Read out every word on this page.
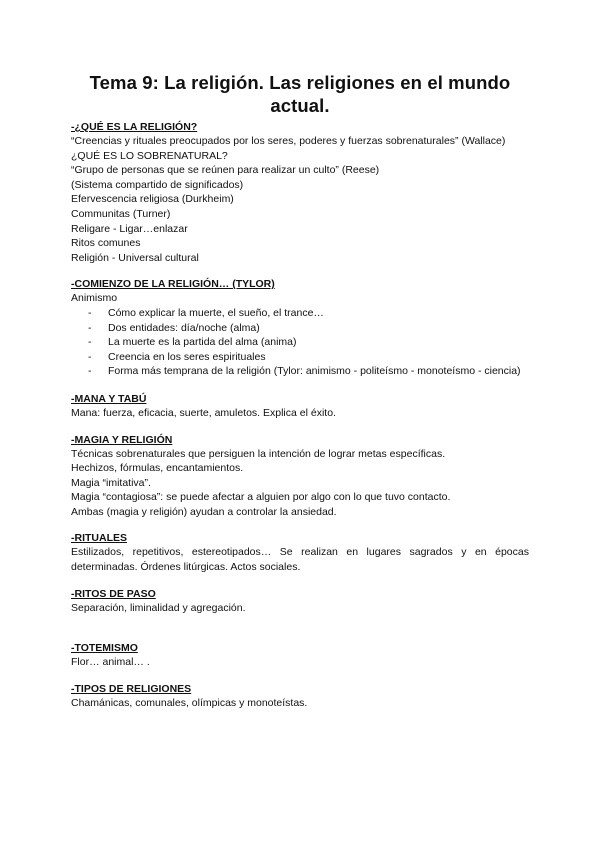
Tema 9: La religión. Las religiones en el mundo actual.

-¿QUÉ ES LA RELIGIÓN?

“Creencias y rituales preocupados por los seres, poderes y fuerzas sobrenaturales” (Wallace)

¿QUÉ ES LO SOBRENATURAL?

“Grupo de personas que se reúnen para realizar un culto” (Reese)

(Sistema compartido de significados)

Efervescencia religiosa (Durkheim)

Communitas (Turner)

Religare - Ligar…enlazar

Ritos comunes

Religión - Universal cultural

-COMIENZO DE LA RELIGIÓN… (TYLOR)

Animismo

- Cómo explicar la muerte, el sueño, el trance…
- Dos entidades: día/noche (alma)
- La muerte es la partida del alma (anima)
- Creencia en los seres espirituales
- Forma más temprana de la religión (Tylor: animismo - politeísmo - monoteísmo - ciencia)

-MANA Y TABÚ

Mana: fuerza, eficacia, suerte, amuletos. Explica el éxito.

-MAGIA Y RELIGIÓN

Técnicas sobrenaturales que persiguen la intención de lograr metas específicas.

Hechizos, fórmulas, encantamientos.

Magia “imitativa”.

Magia “contagiosa”: se puede afectar a alguien por algo con lo que tuvo contacto.

Ambas (magia y religión) ayudan a controlar la ansiedad.

-RITUALES

Estilizados, repetitivos, estereotipados… Se realizan en lugares sagrados y en épocas determinadas. Órdenes litúrgicas. Actos sociales.

-RITOS DE PASO

Separación, liminalidad y agregación.

-TOTEMISMO

Flor… animal… .

-TIPOS DE RELIGIONES

Chamánicas, comunales, olímpicas y monoteístas.
